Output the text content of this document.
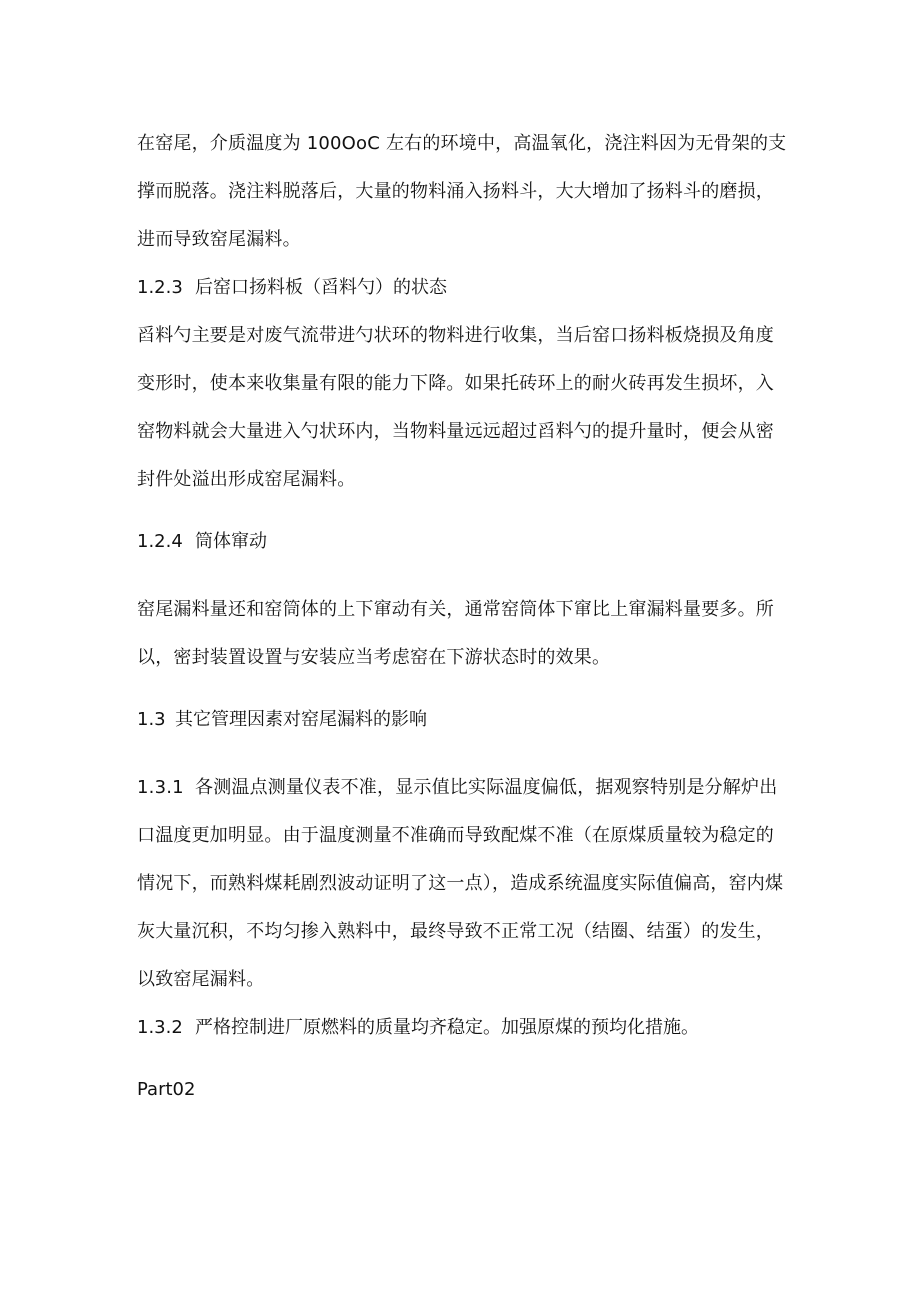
在窑尾，介质温度为 100OoC 左右的环境中，高温氧化，浇注料因为无骨架的支撑而脱落。浇注料脱落后，大量的物料涌入扬料斗，大大增加了扬料斗的磨损，进而导致窑尾漏料。

1.2.3 后窑口扬料板（舀料勺）的状态

舀料勺主要是对废气流带进勺状环的物料进行收集，当后窑口扬料板烧损及角度变形时，使本来收集量有限的能力下降。如果托砖环上的耐火砖再发生损坏，入窑物料就会大量进入勺状环内，当物料量远远超过舀料勺的提升量时，便会从密封件处溢出形成窑尾漏料。

1.2.4 筒体窜动

窑尾漏料量还和窑筒体的上下窜动有关，通常窑筒体下窜比上窜漏料量要多。所以，密封装置设置与安装应当考虑窑在下游状态时的效果。

1.3 其它管理因素对窑尾漏料的影响

1.3.1 各测温点测量仪表不准，显示值比实际温度偏低，据观察特别是分解炉出口温度更加明显。由于温度测量不准确而导致配煤不准（在原煤质量较为稳定的情况下，而熟料煤耗剧烈波动证明了这一点），造成系统温度实际值偏高，窑内煤灰大量沉积，不均匀掺入熟料中，最终导致不正常工况（结圈、结蛋）的发生，以致窑尾漏料。

1.3.2 严格控制进厂原燃料的质量均齐稳定。加强原煤的预均化措施。

Part02
